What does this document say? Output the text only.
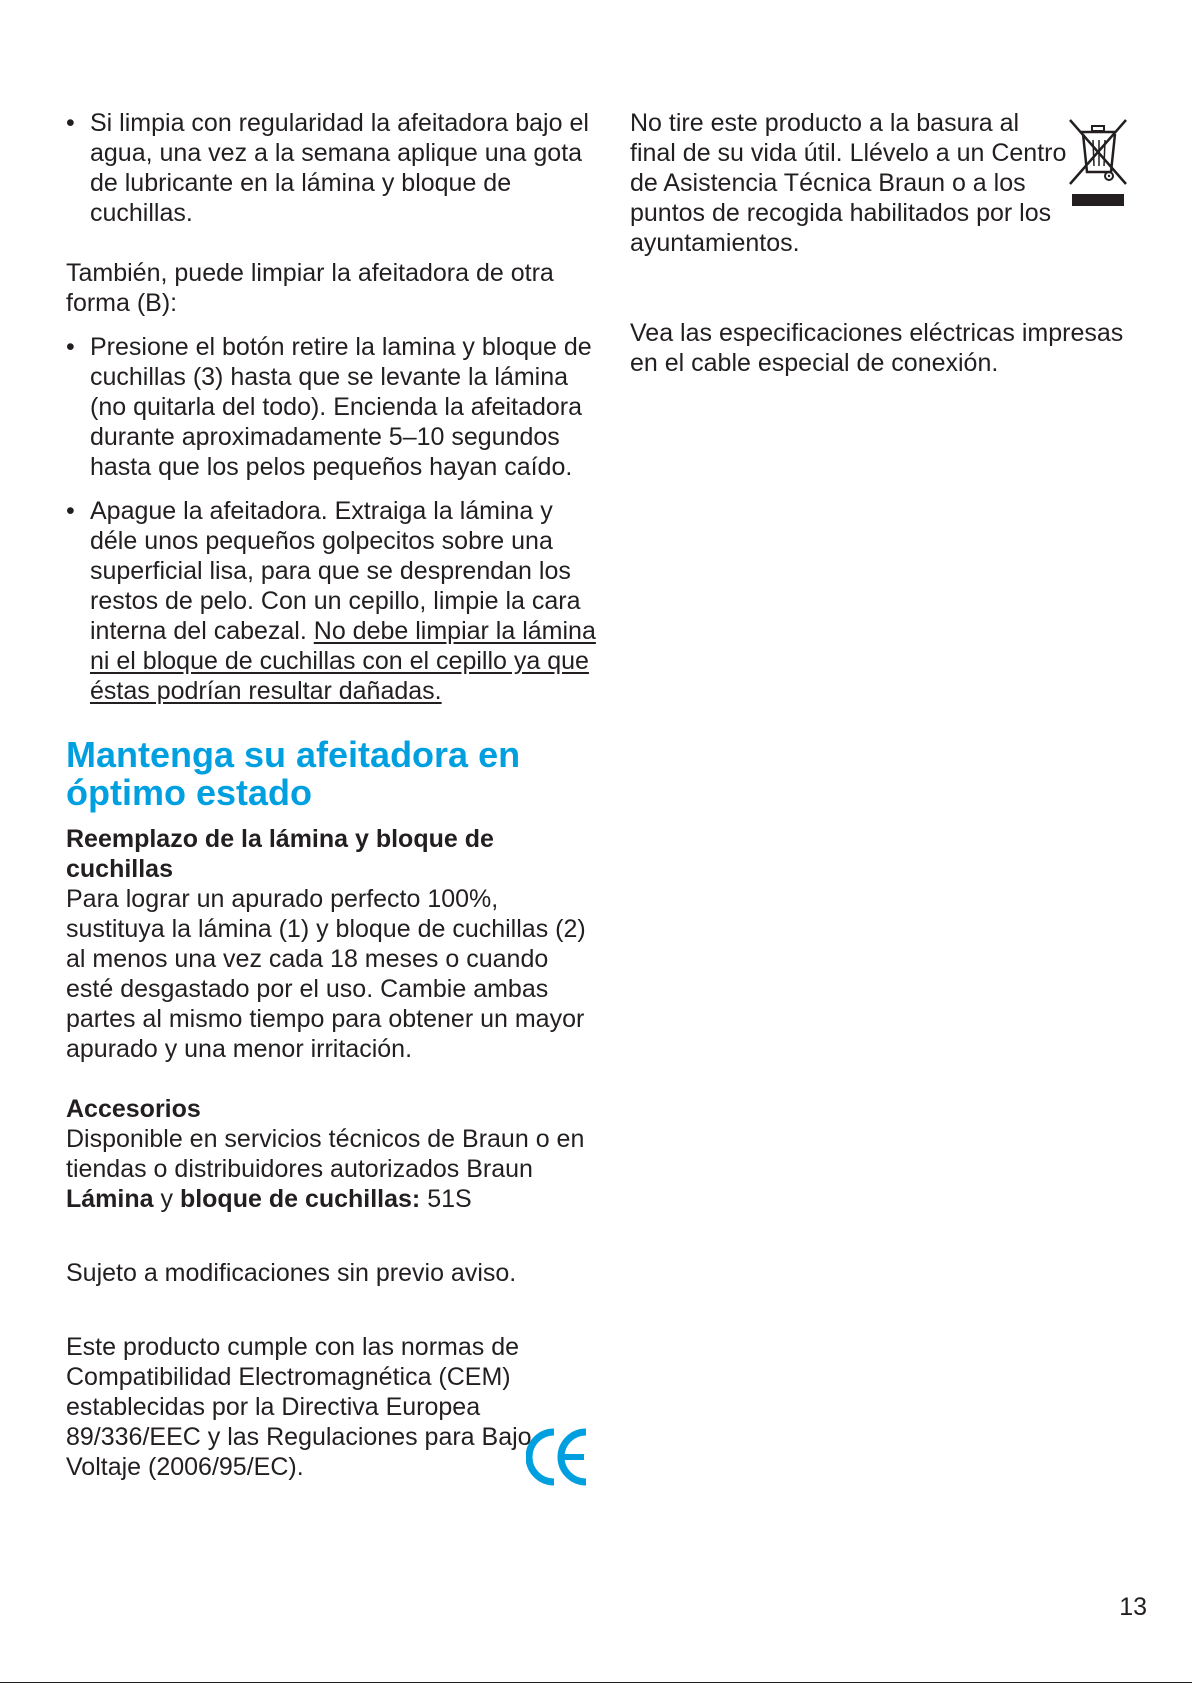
• Si limpia con regularidad la afeitadora bajo el agua, una vez a la semana aplique una gota de lubricante en la lámina y bloque de cuchillas.

También, puede limpiar la afeitadora de otra forma (B):

• Presione el botón retire la lamina y bloque de cuchillas (3) hasta que se levante la lámina (no quitarla del todo). Encienda la afeitadora durante aproximadamente 5–10 segundos hasta que los pelos pequeños hayan caído.
• Apague la afeitadora. Extraiga la lámina y déle unos pequeños golpecitos sobre una superficial lisa, para que se desprendan los restos de pelo. Con un cepillo, limpie la cara interna del cabezal. No debe limpiar la lámina ni el bloque de cuchillas con el cepillo ya que éstas podrían resultar dañadas.
Mantenga su afeitadora en óptimo estado
Reemplazo de la lámina y bloque de cuchillas

Para lograr un apurado perfecto 100%, sustituya la lámina (1) y bloque de cuchillas (2) al menos una vez cada 18 meses o cuando esté desgastado por el uso. Cambie ambas partes al mismo tiempo para obtener un mayor apurado y una menor irritación.

Accesorios

Disponible en servicios técnicos de Braun o en tiendas o distribuidores autorizados Braun
Lámina y bloque de cuchillas: 51S

Sujeto a modificaciones sin previo aviso.

Este producto cumple con las normas de Compatibilidad Electromagnética (CEM) establecidas por la Directiva Europea 89/336/EEC y las Regulaciones para Bajo Voltaje (2006/95/EC).

No tire este producto a la basura al final de su vida útil. Llévelo a un Centro de Asistencia Técnica Braun o a los puntos de recogida habilitados por los ayuntamientos.

Vea las especificaciones eléctricas impresas en el cable especial de conexión.

13
